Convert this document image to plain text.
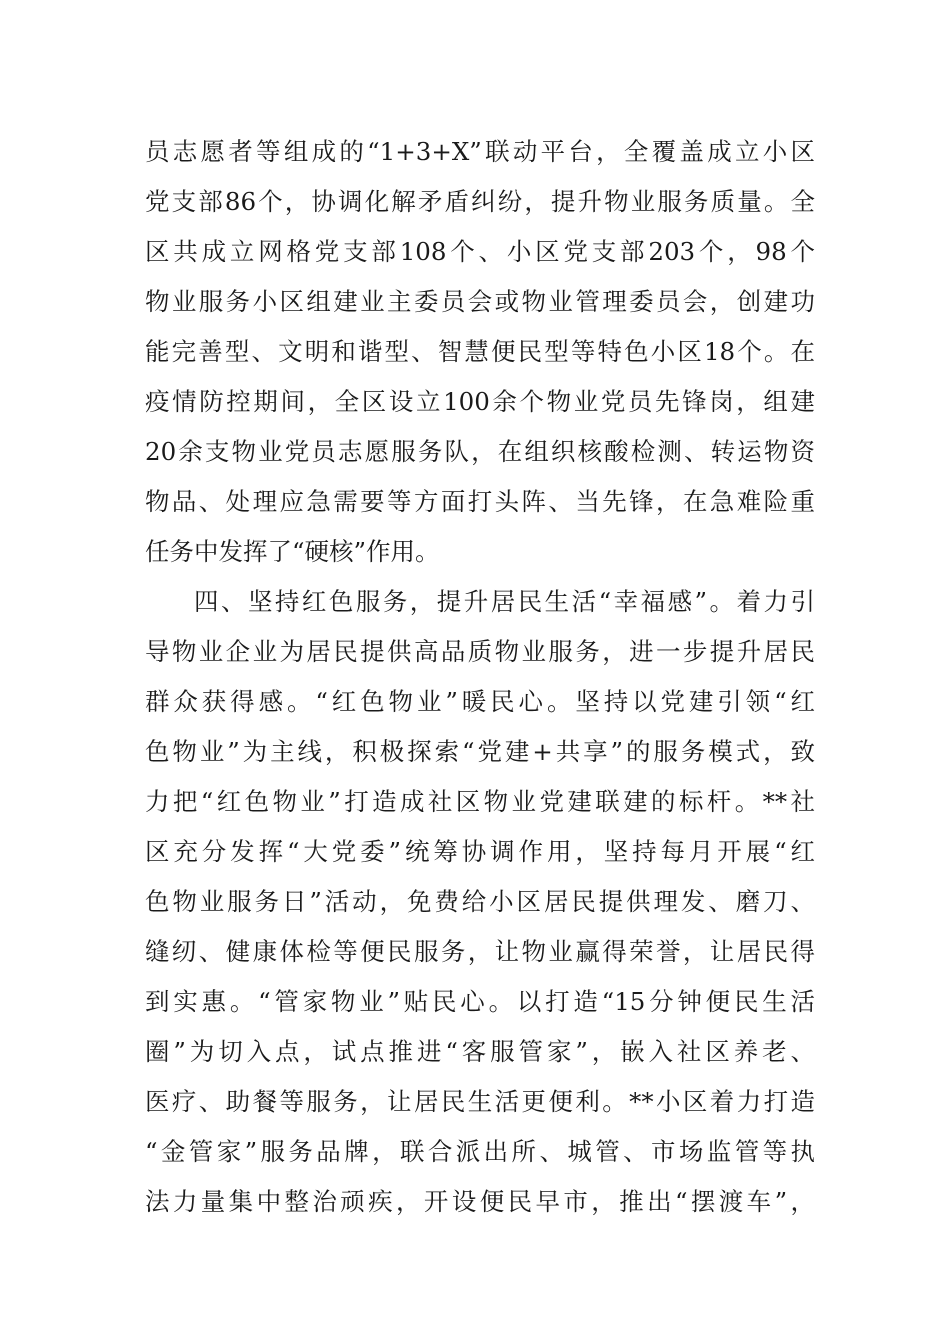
员志愿者等组成的“1+3+X”联动平台，全覆盖成立小区
党支部86个，协调化解矛盾纠纷，提升物业服务质量。全
区共成立网格党支部108个、小区党支部203个，98个
物业服务小区组建业主委员会或物业管理委员会，创建功
能完善型、文明和谐型、智慧便民型等特色小区18个。在
疫情防控期间，全区设立100余个物业党员先锋岗，组建
20余支物业党员志愿服务队，在组织核酸检测、转运物资
物品、处理应急需要等方面打头阵、当先锋，在急难险重
任务中发挥了“硬核”作用。
四、坚持红色服务，提升居民生活“幸福感”。着力引
导物业企业为居民提供高品质物业服务，进一步提升居民
群众获得感。“红色物业”暖民心。坚持以党建引领“红
色物业”为主线，积极探索“党建+共享”的服务模式，致
力把“红色物业”打造成社区物业党建联建的标杆。**社
区充分发挥“大党委”统筹协调作用，坚持每月开展“红
色物业服务日”活动，免费给小区居民提供理发、磨刀、
缝纫、健康体检等便民服务，让物业赢得荣誉，让居民得
到实惠。“管家物业”贴民心。以打造“15分钟便民生活
圈”为切入点，试点推进“客服管家”，嵌入社区养老、
医疗、助餐等服务，让居民生活更便利。**小区着力打造
“金管家”服务品牌，联合派出所、城管、市场监管等执
法力量集中整治顽疾，开设便民早市，推出“摆渡车”，
